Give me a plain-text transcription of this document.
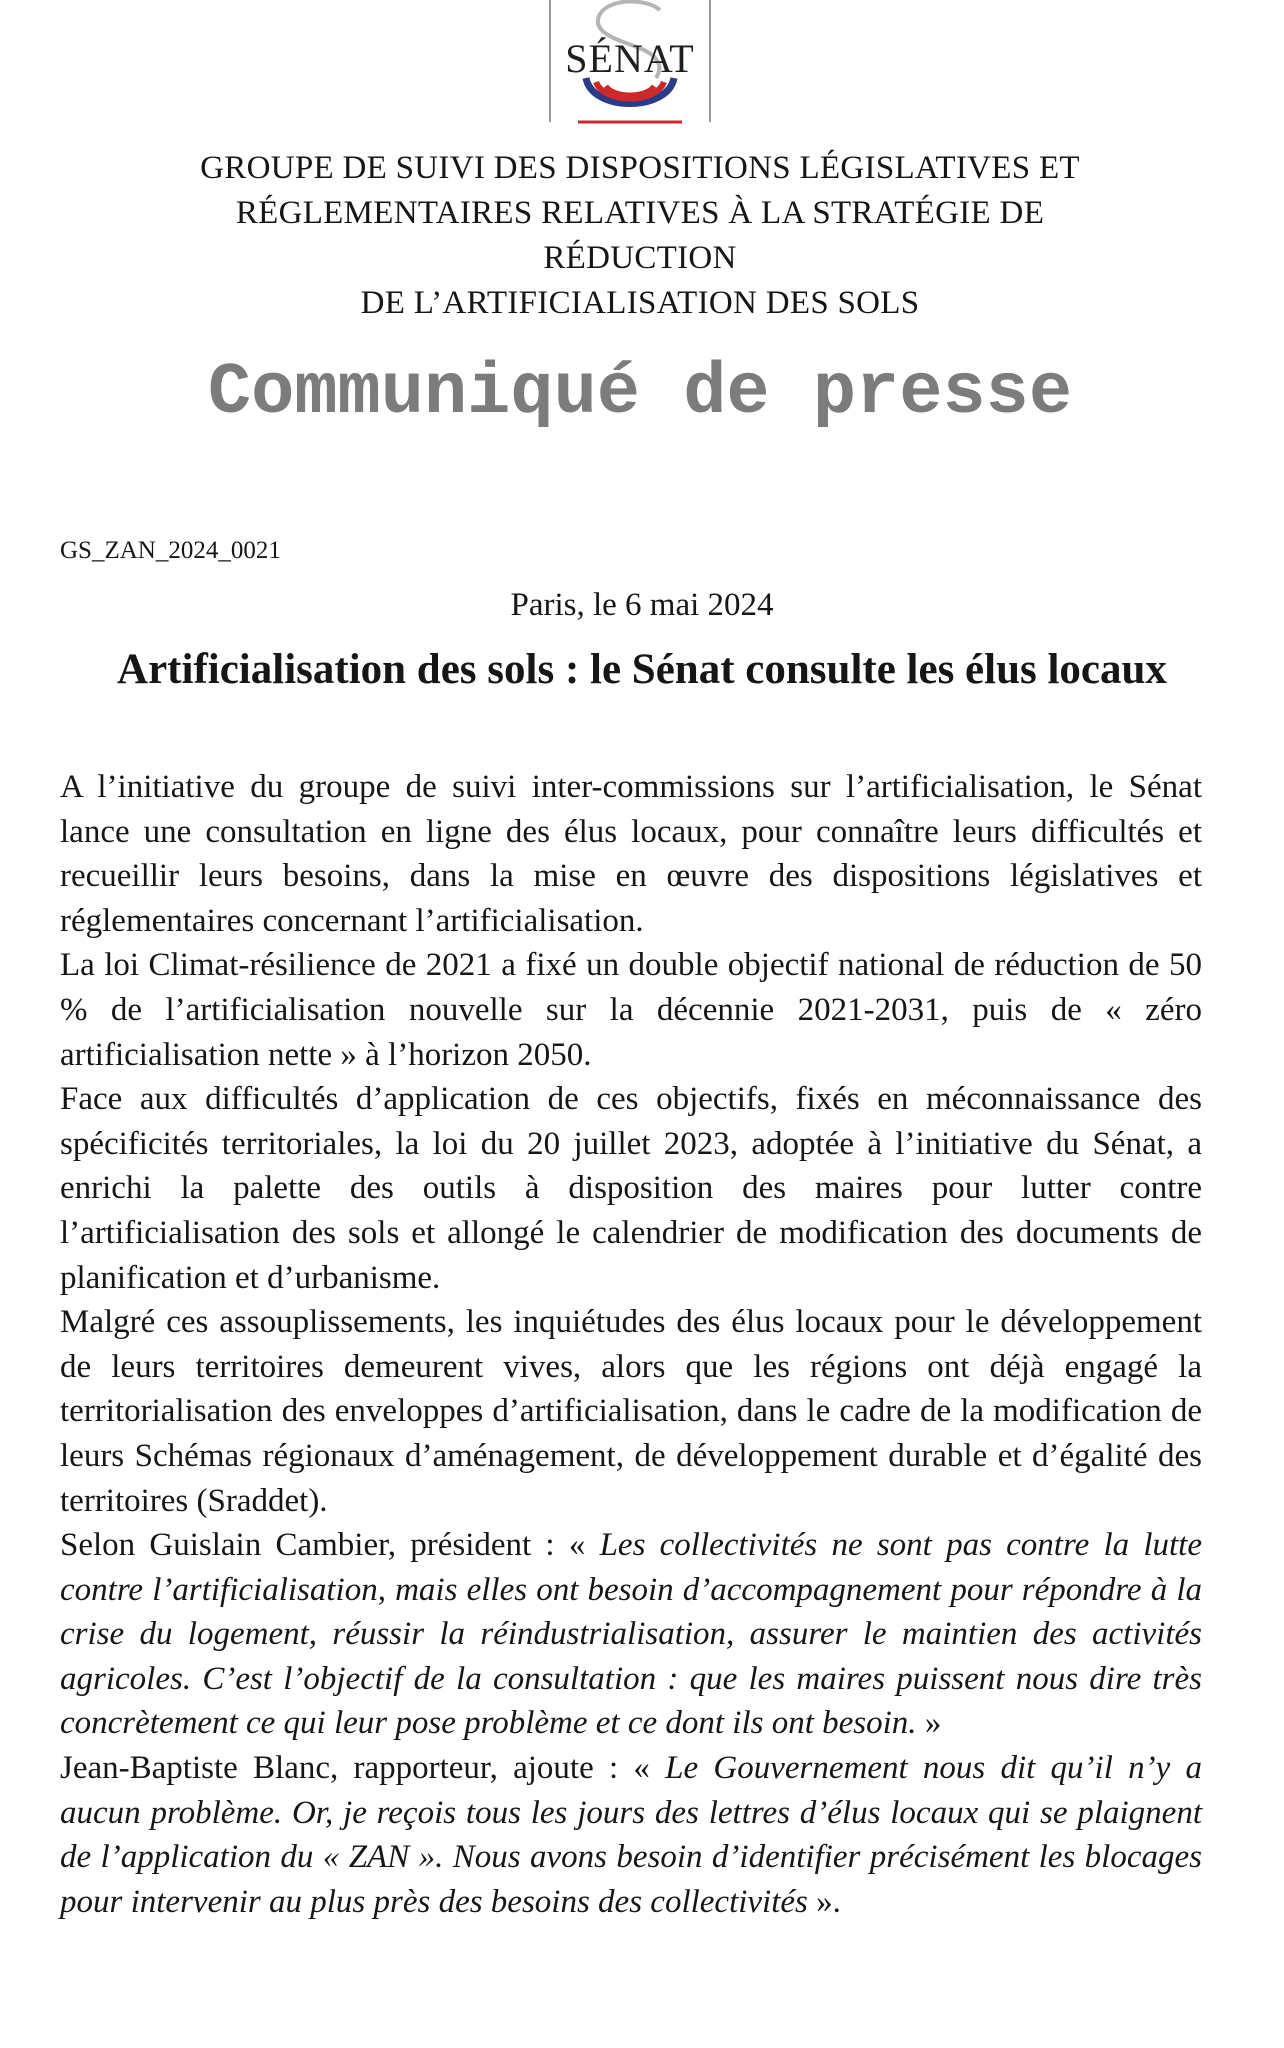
SÉNAT
GROUPE DE SUIVI DES DISPOSITIONS LÉGISLATIVES ET
RÉGLEMENTAIRES RELATIVES À LA STRATÉGIE DE
RÉDUCTION
DE L’ARTIFICIALISATION DES SOLS
Communiqué de presse
GS_ZAN_2024_0021
Paris, le 6 mai 2024
Artificialisation des sols : le Sénat consulte les élus locaux

A l’initiative du groupe de suivi inter-commissions sur l’artificialisation, le Sénat lance une consultation en ligne des élus locaux, pour connaître leurs difficultés et recueillir leurs besoins, dans la mise en œuvre des dispositions législatives et réglementaires concernant l’artificialisation.

La loi Climat-résilience de 2021 a fixé un double objectif national de réduction de 50 % de l’artificialisation nouvelle sur la décennie 2021-2031, puis de « zéro artificialisation nette » à l’horizon 2050.

Face aux difficultés d’application de ces objectifs, fixés en méconnaissance des spécificités territoriales, la loi du 20 juillet 2023, adoptée à l’initiative du Sénat, a enrichi la palette des outils à disposition des maires pour lutter contre l’artificialisation des sols et allongé le calendrier de modification des documents de planification et d’urbanisme.

Malgré ces assouplissements, les inquiétudes des élus locaux pour le développement de leurs territoires demeurent vives, alors que les régions ont déjà engagé la territorialisation des enveloppes d’artificialisation, dans le cadre de la modification de leurs Schémas régionaux d’aménagement, de développement durable et d’égalité des territoires (Sraddet).

Selon Guislain Cambier, président : « Les collectivités ne sont pas contre la lutte contre l’artificialisation, mais elles ont besoin d’accompagnement pour répondre à la crise du logement, réussir la réindustrialisation, assurer le maintien des activités agricoles. C’est l’objectif de la consultation : que les maires puissent nous dire très concrètement ce qui leur pose problème et ce dont ils ont besoin. »

Jean-Baptiste Blanc, rapporteur, ajoute : « Le Gouvernement nous dit qu’il n’y a aucun problème. Or, je reçois tous les jours des lettres d’élus locaux qui se plaignent de l’application du « ZAN ». Nous avons besoin d’identifier précisément les blocages pour intervenir au plus près des besoins des collectivités ».
